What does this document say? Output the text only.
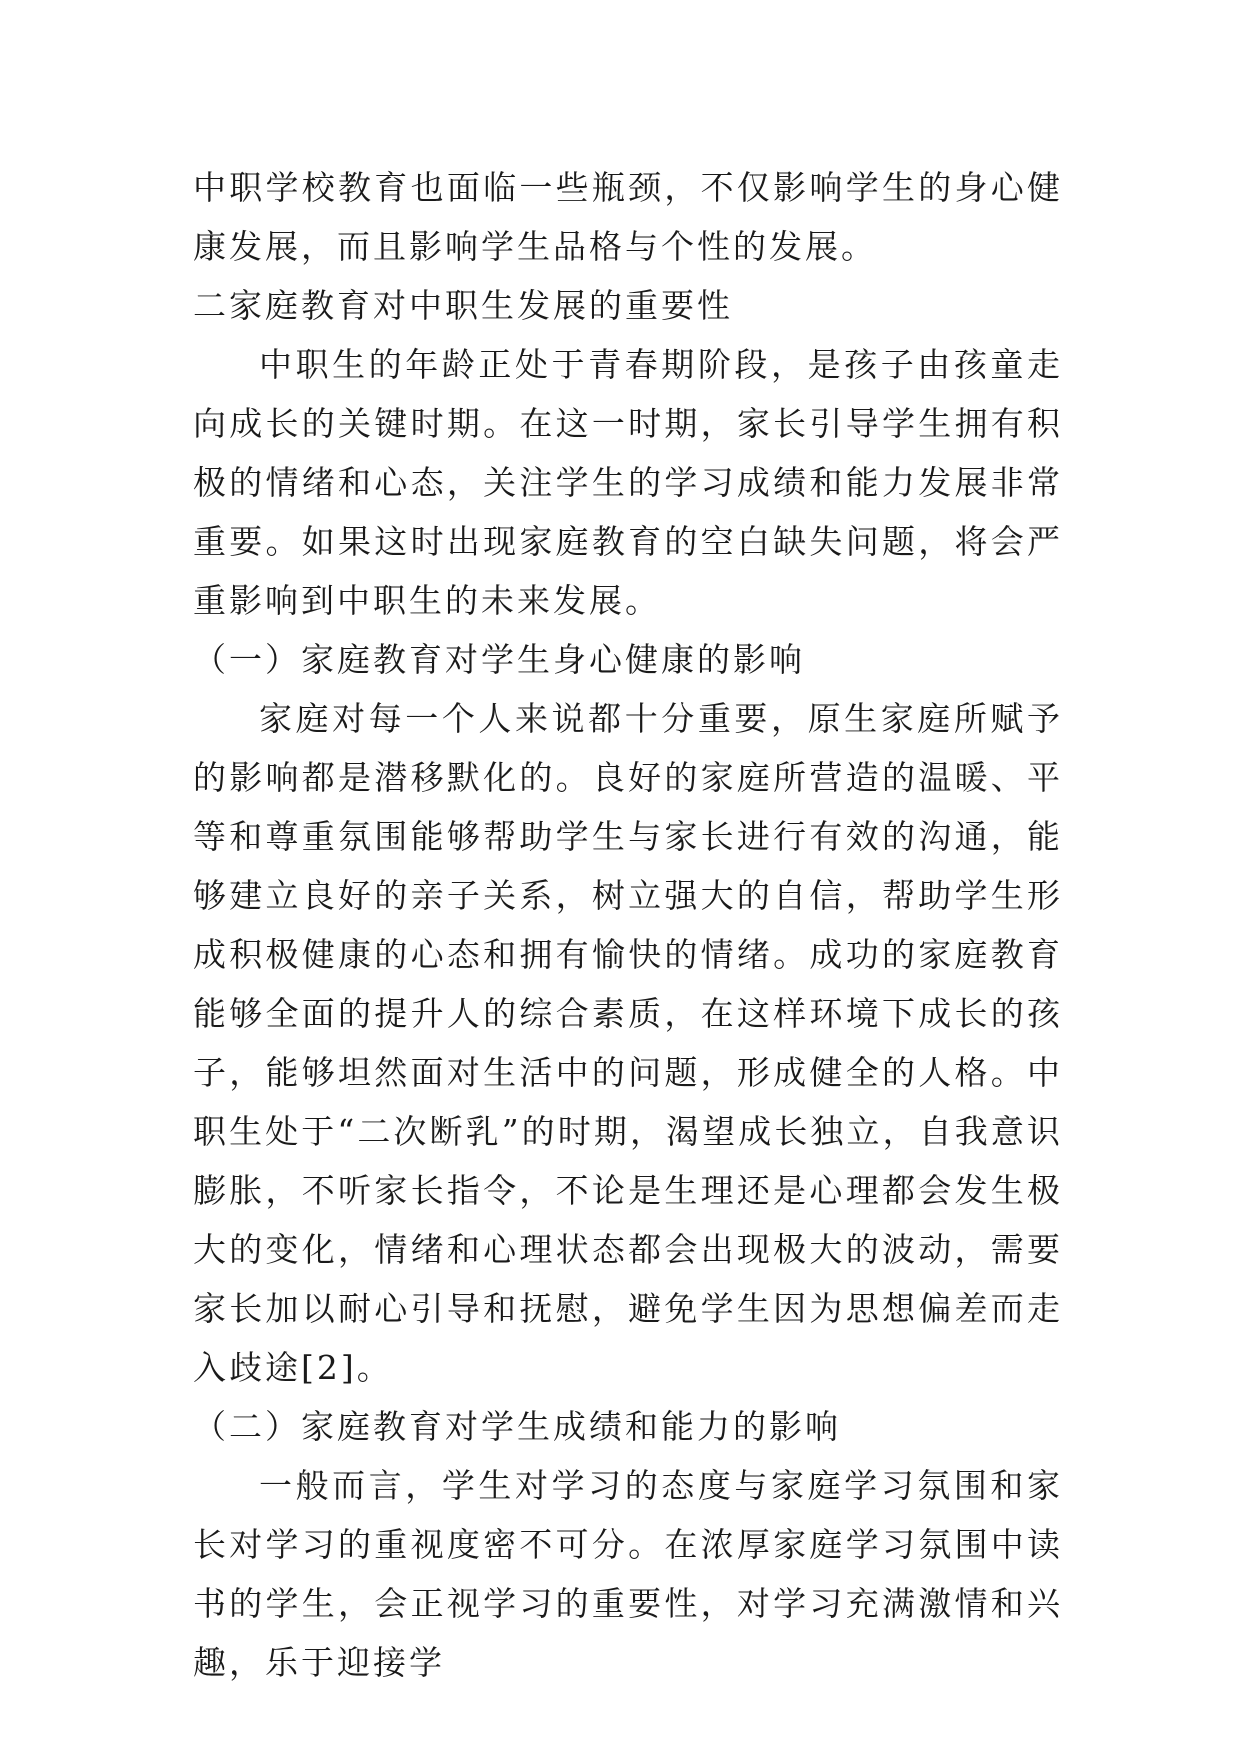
中职学校教育也面临一些瓶颈，不仅影响学生的身心健康发展，而且影响学生品格与个性的发展。

二家庭教育对中职生发展的重要性

中职生的年龄正处于青春期阶段，是孩子由孩童走向成长的关键时期。在这一时期，家长引导学生拥有积极的情绪和心态，关注学生的学习成绩和能力发展非常重要。如果这时出现家庭教育的空白缺失问题，将会严重影响到中职生的未来发展。

（一）家庭教育对学生身心健康的影响

家庭对每一个人来说都十分重要，原生家庭所赋予的影响都是潜移默化的。良好的家庭所营造的温暖、平等和尊重氛围能够帮助学生与家长进行有效的沟通，能够建立良好的亲子关系，树立强大的自信，帮助学生形成积极健康的心态和拥有愉快的情绪。成功的家庭教育能够全面的提升人的综合素质，在这样环境下成长的孩子，能够坦然面对生活中的问题，形成健全的人格。中职生处于“二次断乳”的时期，渴望成长独立，自我意识膨胀，不听家长指令，不论是生理还是心理都会发生极大的变化，情绪和心理状态都会出现极大的波动，需要家长加以耐心引导和抚慰，避免学生因为思想偏差而走入歧途[2]。

（二）家庭教育对学生成绩和能力的影响

一般而言，学生对学习的态度与家庭学习氛围和家长对学习的重视度密不可分。在浓厚家庭学习氛围中读书的学生，会正视学习的重要性，对学习充满激情和兴趣，乐于迎接学
